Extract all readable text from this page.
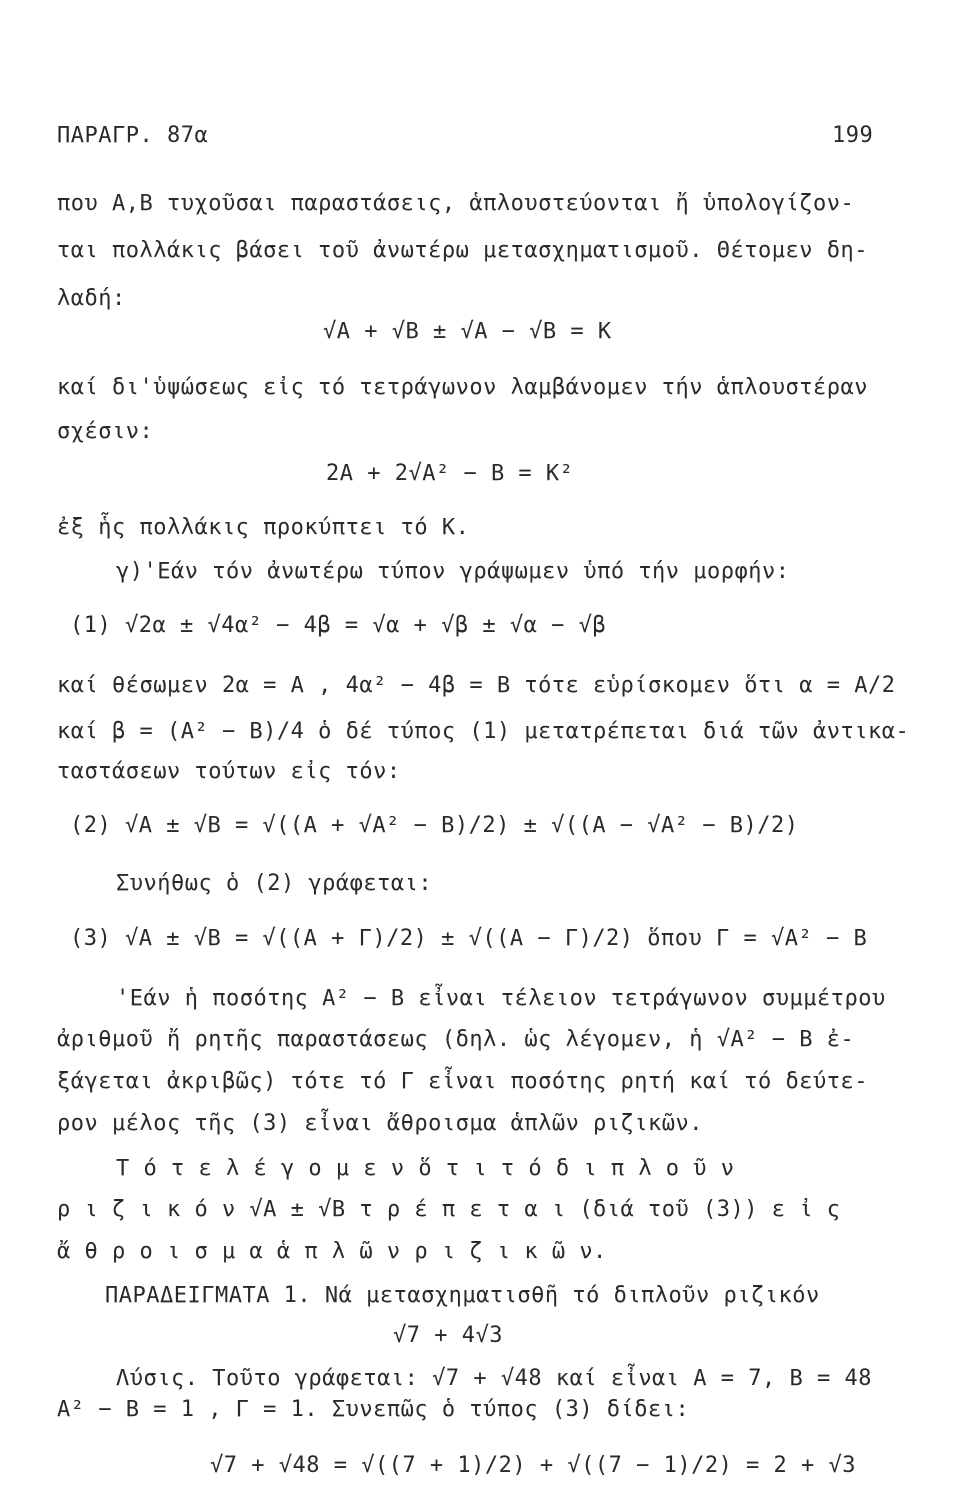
ΠΑΡΑΓΡ. 87α	199
που Α,Β τυχοῦσαι παραστάσεις, ἁπλουστεύονται ἤ ὑπολογίζον-
ται πολλάκις βάσει τοῦ ἀνωτέρω μετασχηματισμοῦ. Θέτομεν δη-
λαδή:
√Α + √Β ± √Α − √Β = Κ
καί δι'ὑψώσεως εἰς τό τετράγωνον λαμβάνομεν τήν ἁπλουστέραν
σχέσιν:
2Α + 2√Α² − Β = Κ²
ἐξ ἧς πολλάκις προκύπτει τό Κ.
γ)'Εάν τόν ἀνωτέρω τύπον γράψωμεν ὑπό τήν μορφήν:
(1) √2α ± √4α² − 4β = √α + √β ± √α − √β
καί θέσωμεν 2α = Α , 4α² − 4β = Β τότε εὑρίσκομεν ὅτι α = Α/2
καί β = (Α² − Β)/4 ὁ δέ τύπος (1) μετατρέπεται διά τῶν ἀντικα-
ταστάσεων τούτων εἰς τόν:
(2) √Α ± √Β = √((Α + √Α² − Β)/2) ± √((Α − √Α² − Β)/2)
Συνήθως ὁ (2) γράφεται:
(3) √Α ± √Β = √((Α + Γ)/2) ± √((Α − Γ)/2) ὅπου Γ = √Α² − Β
'Εάν ἡ ποσότης Α² − Β εἶναι τέλειον τετράγωνον συμμέτρου
ἀριθμοῦ ἤ ρητῆς παραστάσεως (δηλ. ὡς λέγομεν, ἡ √Α² − Β ἐ-
ξάγεται ἀκριβῶς) τότε τό Γ εἶναι ποσότης ρητή καί τό δεύτε-
ρον μέλος τῆς (3) εἶναι ἄθροισμα ἁπλῶν ριζικῶν.
Τ ό τ ε λ έ γ ο μ ε ν ὅ τ ι τ ό δ ι π λ ο ῦ ν
ρ ι ζ ι κ ό ν √Α ± √Β τ ρ έ π ε τ α ι (διά τοῦ (3)) ε ἰ ς
ἄ θ ρ ο ι σ μ α ἁ π λ ῶ ν ρ ι ζ ι κ ῶ ν.
ΠΑΡΑΔΕΙΓΜΑΤΑ 1. Νά μετασχηματισθῆ τό διπλοῦν ριζικόν
√7 + 4√3
Λύσις. Τοῦτο γράφεται: √7 + √48 καί εἶναι Α = 7, Β = 48
Α² − Β = 1 , Γ = 1. Συνεπῶς ὁ τύπος (3) δίδει:
√7 + √48 = √((7 + 1)/2) + √((7 − 1)/2) = 2 + √3
